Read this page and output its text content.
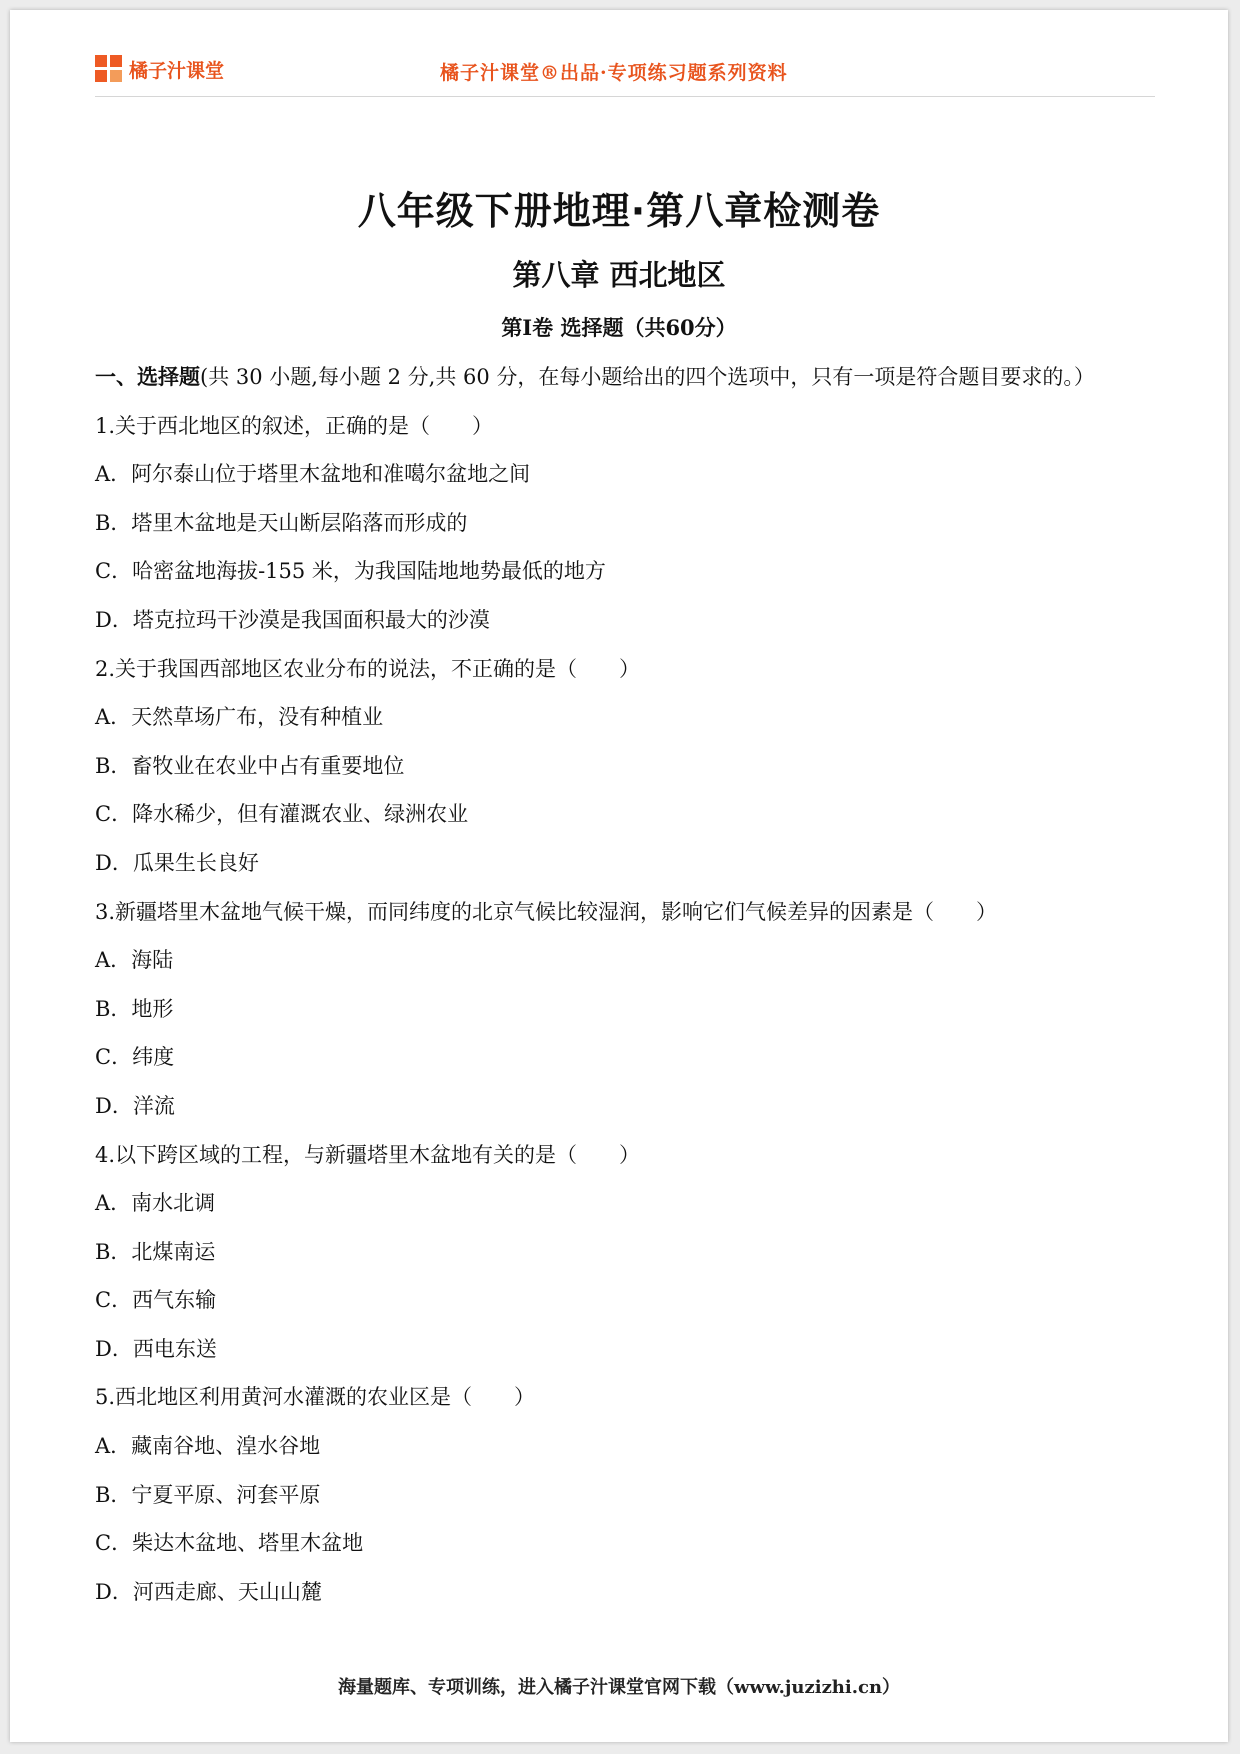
橘子汁课堂	橘子汁课堂®出品·专项练习题系列资料
八年级下册地理·第八章检测卷
第八章 西北地区
第Ⅰ卷 选择题（共60分）
一、选择题(共 30 小题,每小题 2 分,共 60 分，在每小题给出的四个选项中，只有一项是符合题目要求的。）
1.关于西北地区的叙述，正确的是（　　）
A．阿尔泰山位于塔里木盆地和准噶尔盆地之间
B．塔里木盆地是天山断层陷落而形成的
C．哈密盆地海拔-155 米，为我国陆地地势最低的地方
D．塔克拉玛干沙漠是我国面积最大的沙漠
2.关于我国西部地区农业分布的说法，不正确的是（　　）
A．天然草场广布，没有种植业
B．畜牧业在农业中占有重要地位
C．降水稀少，但有灌溉农业、绿洲农业
D．瓜果生长良好
3.新疆塔里木盆地气候干燥，而同纬度的北京气候比较湿润，影响它们气候差异的因素是（　　）
A．海陆
B．地形
C．纬度
D．洋流
4.以下跨区域的工程，与新疆塔里木盆地有关的是（　　）
A．南水北调
B．北煤南运
C．西气东输
D．西电东送
5.西北地区利用黄河水灌溉的农业区是（　　）
A．藏南谷地、湟水谷地
B．宁夏平原、河套平原
C．柴达木盆地、塔里木盆地
D．河西走廊、天山山麓
海量题库、专项训练，进入橘子汁课堂官网下载（www.juzizhi.cn）
